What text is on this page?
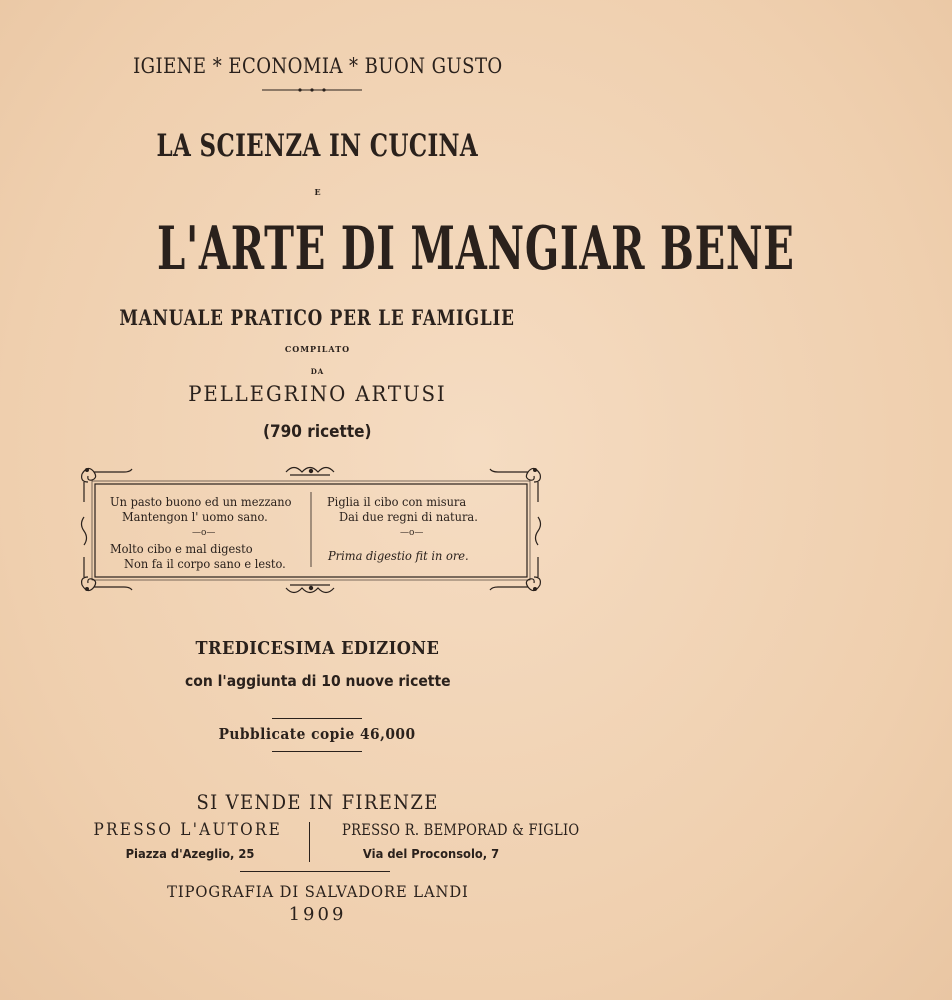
IGIENE * ECONOMIA * BUON GUSTO
LA SCIENZA IN CUCINA
E
L'ARTE DI MANGIAR BENE
MANUALE PRATICO PER LE FAMIGLIE
COMPILATO
DA
PELLEGRINO ARTUSI
(790 ricette)
Un pasto buono ed un mezzano
Mantengon l' uomo sano.
—o—
Molto cibo e mal digesto
Non fa il corpo sano e lesto.
Piglia il cibo con misura
Dai due regni di natura.
—o—
Prima digestio fit in ore.
TREDICESIMA EDIZIONE
con l'aggiunta di 10 nuove ricette
Pubblicate copie 46,000
SI VENDE IN FIRENZE
PRESSO L'AUTORE
Piazza d'Azeglio, 25
PRESSO R. BEMPORAD & FIGLIO
Via del Proconsolo, 7
TIPOGRAFIA DI SALVADORE LANDI
1909
